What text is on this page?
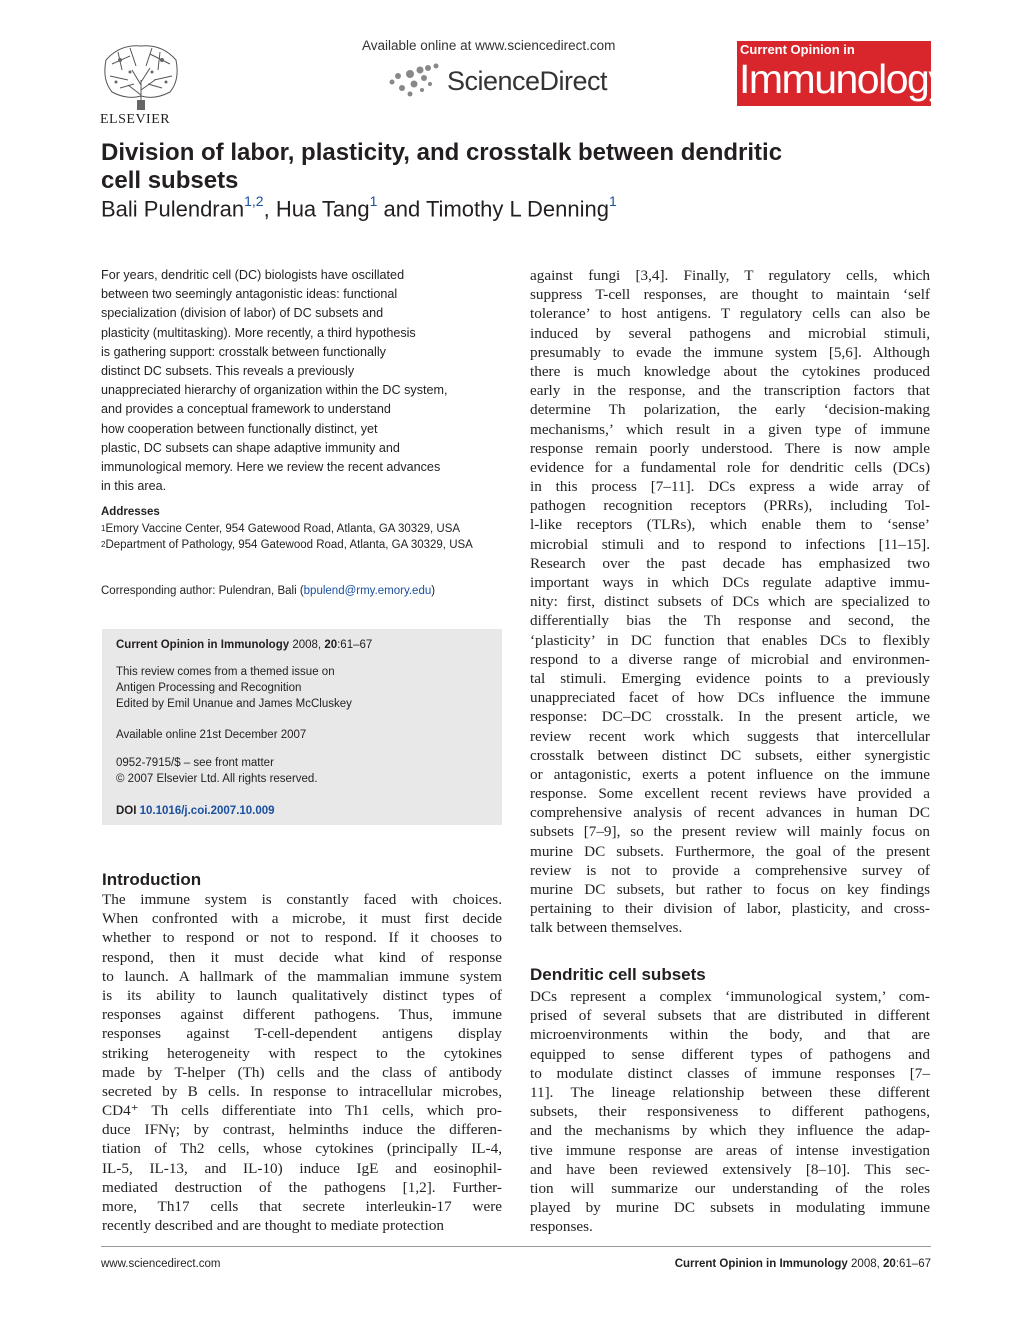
ELSEVIER
Available online at www.sciencedirect.com
ScienceDirect
Current Opinion in
Immunology
Division of labor, plasticity, and crosstalk between dendritic
cell subsets
Bali Pulendran$^{1,2}$, Hua Tang$^1$ and Timothy L Denning$^1$
For years, dendritic cell (DC) biologists have oscillated
between two seemingly antagonistic ideas: functional
specialization (division of labor) of DC subsets and
plasticity (multitasking). More recently, a third hypothesis
is gathering support: crosstalk between functionally
distinct DC subsets. This reveals a previously
unappreciated hierarchy of organization within the DC system,
and provides a conceptual framework to understand
how cooperation between functionally distinct, yet
plastic, DC subsets can shape adaptive immunity and
immunological memory. Here we review the recent advances
in this area.
Addresses
$^1$Emory Vaccine Center, 954 Gatewood Road, Atlanta, GA 30329, USA
$^2$Department of Pathology, 954 Gatewood Road, Atlanta, GA 30329, USA
Corresponding author: Pulendran, Bali (bpulend@rmy.emory.edu)
Current Opinion in Immunology 2008, 20:61–67
This review comes from a themed issue on
Antigen Processing and Recognition
Edited by Emil Unanue and James McCluskey
Available online 21st December 2007
0952-7915/$ – see front matter
© 2007 Elsevier Ltd. All rights reserved.
DOI 10.1016/j.coi.2007.10.009
Introduction
The immune system is constantly faced with choices.
When confronted with a microbe, it must first decide
whether to respond or not to respond. If it chooses to
respond, then it must decide what kind of response
to launch. A hallmark of the mammalian immune system
is its ability to launch qualitatively distinct types of
responses against different pathogens. Thus, immune
responses against T-cell-dependent antigens display
striking heterogeneity with respect to the cytokines
made by T-helper (Th) cells and the class of antibody
secreted by B cells. In response to intracellular microbes,
CD4⁺ Th cells differentiate into Th1 cells, which pro-
duce IFNγ; by contrast, helminths induce the differen-
tiation of Th2 cells, whose cytokines (principally IL-4,
IL-5, IL-13, and IL-10) induce IgE and eosinophil-
mediated destruction of the pathogens [1,2]. Further-
more, Th17 cells that secrete interleukin-17 were
recently described and are thought to mediate protection
against fungi [3,4]. Finally, T regulatory cells, which
suppress T-cell responses, are thought to maintain ‘self
tolerance’ to host antigens. T regulatory cells can also be
induced by several pathogens and microbial stimuli,
presumably to evade the immune system [5,6]. Although
there is much knowledge about the cytokines produced
early in the response, and the transcription factors that
determine Th polarization, the early ‘decision-making
mechanisms,’ which result in a given type of immune
response remain poorly understood. There is now ample
evidence for a fundamental role for dendritic cells (DCs)
in this process [7–11]. DCs express a wide array of
pathogen recognition receptors (PRRs), including Tol-
l-like receptors (TLRs), which enable them to ‘sense’
microbial stimuli and to respond to infections [11–15].
Research over the past decade has emphasized two
important ways in which DCs regulate adaptive immu-
nity: first, distinct subsets of DCs which are specialized to
differentially bias the Th response and second, the
‘plasticity’ in DC function that enables DCs to flexibly
respond to a diverse range of microbial and environmen-
tal stimuli. Emerging evidence points to a previously
unappreciated facet of how DCs influence the immune
response: DC–DC crosstalk. In the present article, we
review recent work which suggests that intercellular
crosstalk between distinct DC subsets, either synergistic
or antagonistic, exerts a potent influence on the immune
response. Some excellent recent reviews have provided a
comprehensive analysis of recent advances in human DC
subsets [7–9], so the present review will mainly focus on
murine DC subsets. Furthermore, the goal of the present
review is not to provide a comprehensive survey of
murine DC subsets, but rather to focus on key findings
pertaining to their division of labor, plasticity, and cross-
talk between themselves.
Dendritic cell subsets
DCs represent a complex ‘immunological system,’ com-
prised of several subsets that are distributed in different
microenvironments within the body, and that are
equipped to sense different types of pathogens and
to modulate distinct classes of immune responses [7–
11]. The lineage relationship between these different
subsets, their responsiveness to different pathogens,
and the mechanisms by which they influence the adap-
tive immune response are areas of intense investigation
and have been reviewed extensively [8–10]. This sec-
tion will summarize our understanding of the roles
played by murine DC subsets in modulating immune
responses.
www.sciencedirect.com	Current Opinion in Immunology 2008, 20:61–67
